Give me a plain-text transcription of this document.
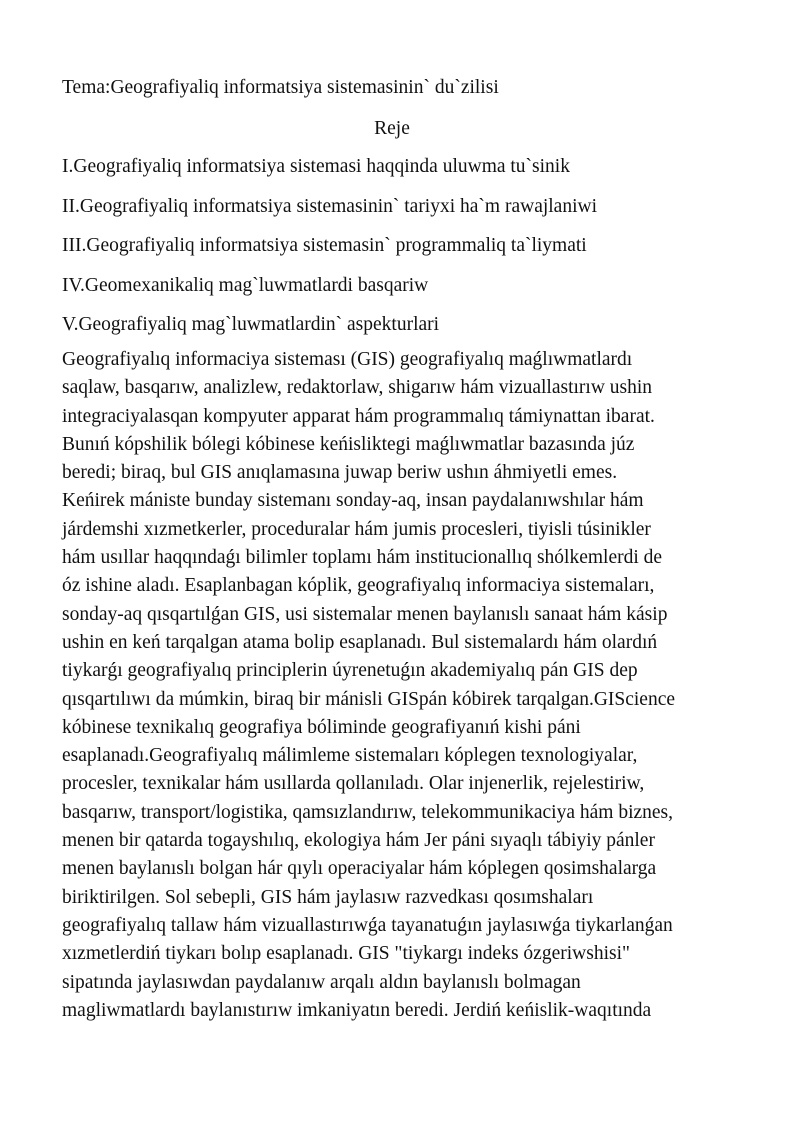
Tema:Geografiyaliq informatsiya sistemasinin` du`zilisi
Reje
I.Geografiyaliq informatsiya sistemasi haqqinda uluwma tu`sinik
II.Geografiyaliq informatsiya sistemasinin` tariyxi ha`m rawajlaniwi
III.Geografiyaliq informatsiya sistemasin` programmaliq ta`liymati
IV.Geomexanikaliq mag`luwmatlardi basqariw
V.Geografiyaliq mag`luwmatlardin` aspekturlari
Geografiyalıq informaciya sisteması (GIS) geografiyalıq maǵlıwmatlardı
saqlaw, basqarıw, analizlew, redaktorlaw, shigarıw hám vizuallastırıw ushin
integraciyalasqan kompyuter apparat hám programmalıq támiynattan ibarat.
Bunıń kópshilik bólegi kóbinese keńisliktegi maǵlıwmatlar bazasında júz
beredi; biraq, bul GIS anıqlamasına juwap beriw ushın áhmiyetli emes.
Keńirek mániste bunday sistemanı sonday-aq, insan paydalanıwshılar hám
járdemshi xızmetkerler, proceduralar hám jumis procesleri, tiyisli túsinikler
hám usıllar haqqındaǵı bilimler toplamı hám institucionallıq shólkemlerdi de
óz ishine aladı. Esaplanbagan kóplik, geografiyalıq informaciya sistemaları,
sonday-aq qısqartılǵan GIS, usi sistemalar menen baylanıslı sanaat hám kásip
ushin en keń tarqalgan atama bolip esaplanadı. Bul sistemalardı hám olardıń
tiykarǵı geografiyalıq principlerin úyrenetuǵın akademiyalıq pán GIS dep
qısqartılıwı da múmkin, biraq bir mánisli GISpán kóbirek tarqalgan.GIScience
kóbinese texnikalıq geografiya bóliminde geografiyanıń kishi páni
esaplanadı.Geografiyalıq málimleme sistemaları kóplegen texnologiyalar,
procesler, texnikalar hám usıllarda qollanıladı. Olar injenerlik, rejelestiriw,
basqarıw, transport/logistika, qamsızlandırıw, telekommunikaciya hám biznes,
menen bir qatarda togayshılıq, ekologiya hám Jer páni sıyaqlı tábiyiy pánler
menen baylanıslı bolgan hár qıylı operaciyalar hám kóplegen qosimshalarga
biriktirilgen. Sol sebepli, GIS hám jaylasıw razvedkası qosımshaları
geografiyalıq tallaw hám vizuallastırıwǵa tayanatuǵın jaylasıwǵa tiykarlanǵan
xızmetlerdiń tiykarı bolıp esaplanadı. GIS "tiykargı indeks ózgeriwshisi"
sipatında jaylasıwdan paydalanıw arqalı aldın baylanıslı bolmagan
magliwmatlardı baylanıstırıw imkaniyatın beredi. Jerdiń keńislik-waqıtında
